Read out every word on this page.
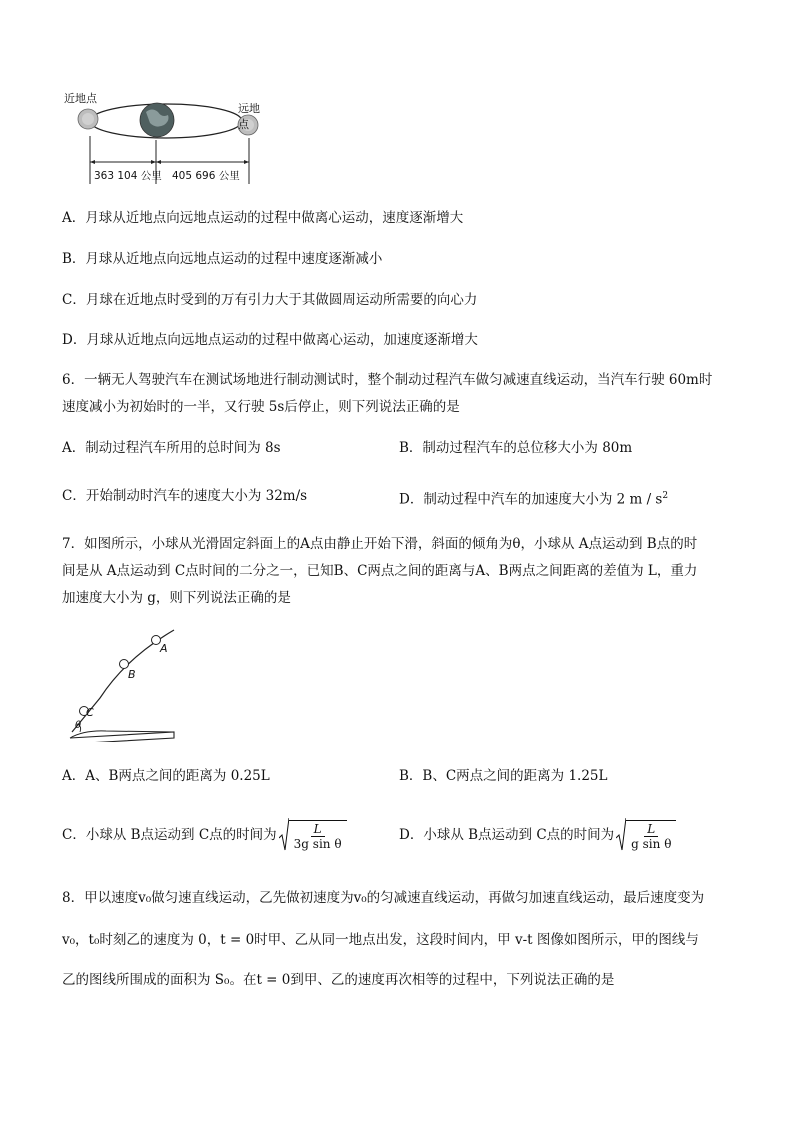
近地点
远地点
363 104 公里 405 696 公里
A．月球从近地点向远地点运动的过程中做离心运动，速度逐渐增大
B．月球从近地点向远地点运动的过程中速度逐渐减小
C．月球在近地点时受到的万有引力大于其做圆周运动所需要的向心力
D．月球从近地点向远地点运动的过程中做离心运动，加速度逐渐增大
6．一辆无人驾驶汽车在测试场地进行制动测试时，整个制动过程汽车做匀减速直线运动，当汽车行驶 60m时
速度减小为初始时的一半，又行驶 5s后停止，则下列说法正确的是
A．制动过程汽车所用的总时间为 8s	B．制动过程汽车的总位移大小为 80m
C．开始制动时汽车的速度大小为 32m/s	D．制动过程中汽车的加速度大小为 2 m / $s^2$
7．如图所示，小球从光滑固定斜面上的A点由静止开始下滑，斜面的倾角为θ，小球从 A点运动到 B点的时
间是从 A点运动到 C点时间的二分之一，已知B、C两点之间的距离与A、B两点之间距离的差值为 L，重力
加速度大小为 g，则下列说法正确的是
A
B
C
θ
A．A、B两点之间的距离为 0.25L	B．B、C两点之间的距离为 1.25L
C．小球从 B点运动到 C点的时间为 $\frac{L}{\text{3g sin θ}}$	D．小球从 B点运动到 C点的时间为 $\frac{L}{\text{g sin θ}}$
8．甲以速度v₀做匀速直线运动，乙先做初速度为v₀的匀减速直线运动，再做匀加速直线运动，最后速度变为
v₀，t₀时刻乙的速度为 0，t = 0时甲、乙从同一地点出发，这段时间内，甲 v-t 图像如图所示，甲的图线与
乙的图线所围成的面积为 S₀。在t = 0到甲、乙的速度再次相等的过程中，下列说法正确的是
